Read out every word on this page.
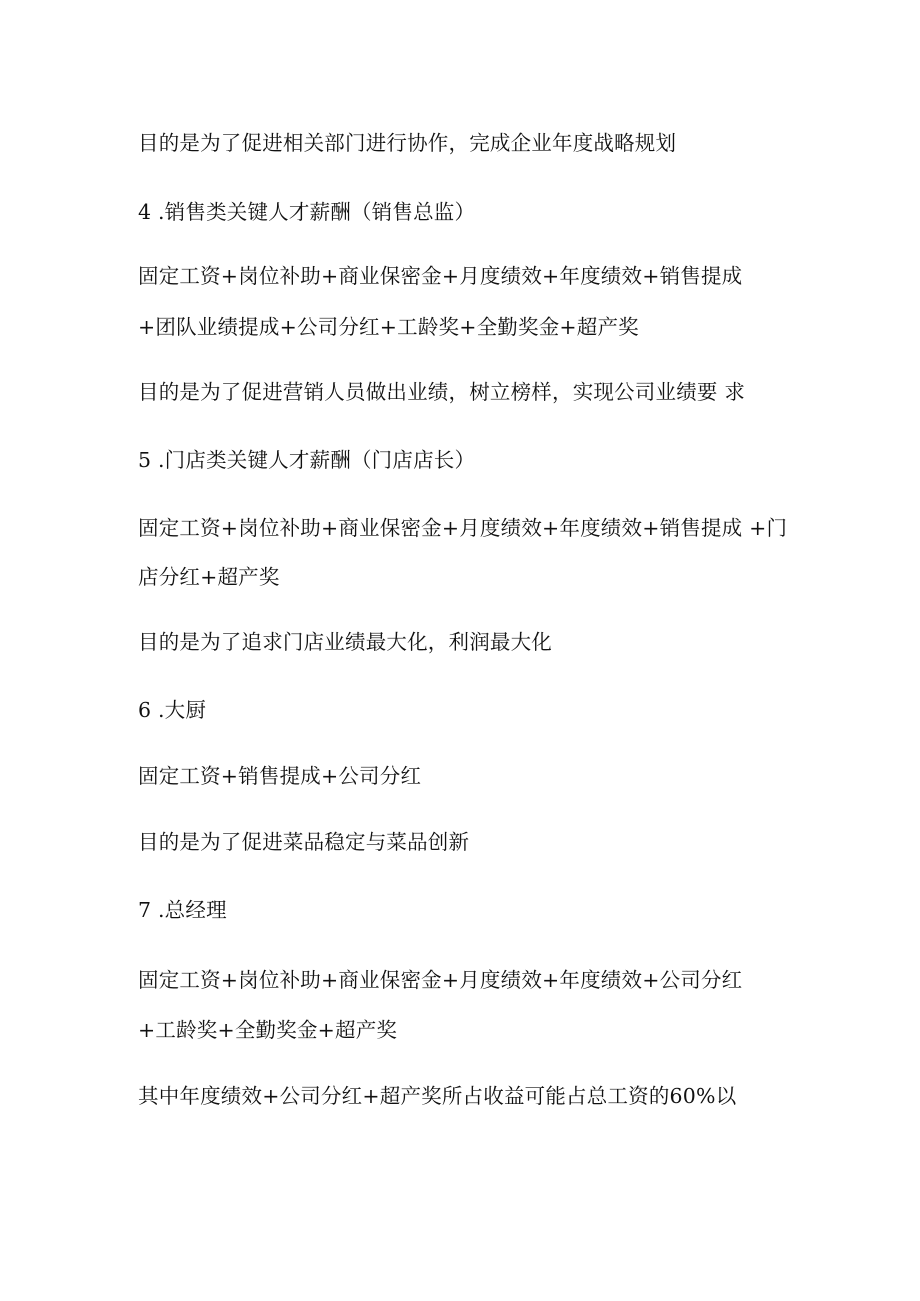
目的是为了促进相关部门进行协作，完成企业年度战略规划
4 .销售类关键人才薪酬（销售总监）
固定工资+岗位补助+商业保密金+月度绩效+年度绩效+销售提成
+团队业绩提成+公司分红+工龄奖+全勤奖金+超产奖
目的是为了促进营销人员做出业绩，树立榜样，实现公司业绩要 求
5 .门店类关键人才薪酬（门店店长）
固定工资+岗位补助+商业保密金+月度绩效+年度绩效+销售提成 +门
店分红+超产奖
目的是为了追求门店业绩最大化，利润最大化
6 .大厨
固定工资+销售提成+公司分红
目的是为了促进菜品稳定与菜品创新
7 .总经理
固定工资+岗位补助+商业保密金+月度绩效+年度绩效+公司分红
+工龄奖+全勤奖金+超产奖
其中年度绩效+公司分红+超产奖所占收益可能占总工资的60%以
